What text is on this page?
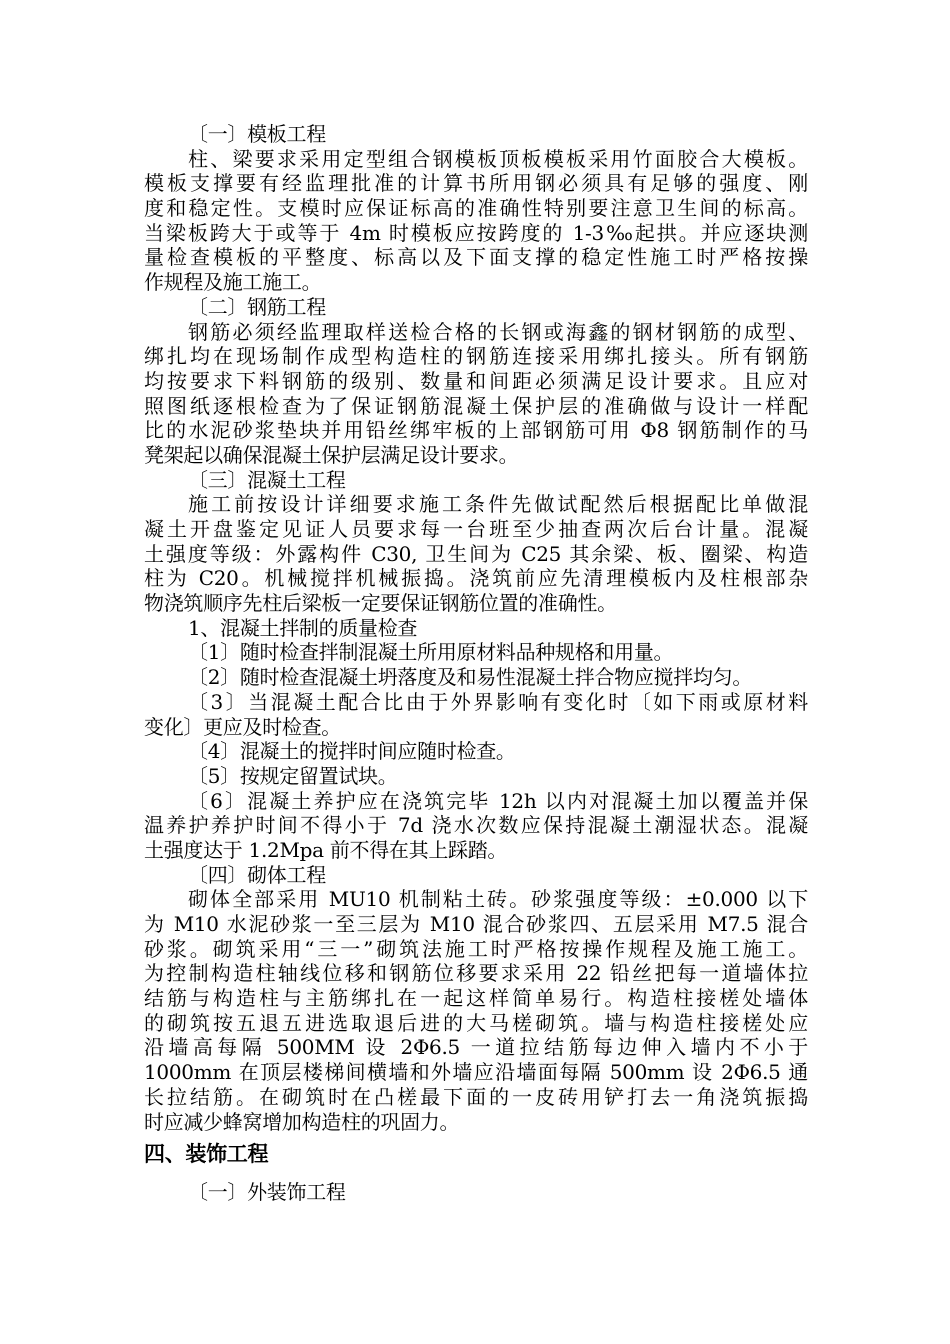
〔一〕模板工程
柱、梁要求采用定型组合钢模板顶板模板采用竹面胶合大模板。
模板支撑要有经监理批准的计算书所用钢必须具有足够的强度、刚
度和稳定性。支模时应保证标高的准确性特别要注意卫生间的标高。
当梁板跨大于或等于 4m 时模板应按跨度的 1-3‰起拱。并应逐块测
量检查模板的平整度、标高以及下面支撑的稳定性施工时严格按操
作规程及施工施工。
〔二〕钢筋工程
钢筋必须经监理取样送检合格的长钢或海鑫的钢材钢筋的成型、
绑扎均在现场制作成型构造柱的钢筋连接采用绑扎接头。所有钢筋
均按要求下料钢筋的级别、数量和间距必须满足设计要求。且应对
照图纸逐根检查为了保证钢筋混凝土保护层的准确做与设计一样配
比的水泥砂浆垫块并用铅丝绑牢板的上部钢筋可用 Φ8 钢筋制作的马
凳架起以确保混凝土保护层满足设计要求。
〔三〕混凝土工程
施工前按设计详细要求施工条件先做试配然后根据配比单做混
凝土开盘鉴定见证人员要求每一台班至少抽查两次后台计量。混凝
土强度等级：外露构件 C30, 卫生间为 C25 其余梁、板、圈梁、构造
柱为 C20。机械搅拌机械振捣。浇筑前应先清理模板内及柱根部杂
物浇筑顺序先柱后梁板一定要保证钢筋位置的准确性。
1、混凝土拌制的质量检查
〔1〕随时检查拌制混凝土所用原材料品种规格和用量。
〔2〕随时检查混凝土坍落度及和易性混凝土拌合物应搅拌均匀。
〔3〕当混凝土配合比由于外界影响有变化时〔如下雨或原材料
变化〕更应及时检查。
〔4〕混凝土的搅拌时间应随时检查。
〔5〕按规定留置试块。
〔6〕混凝土养护应在浇筑完毕 12h 以内对混凝土加以覆盖并保
温养护养护时间不得小于 7d 浇水次数应保持混凝土潮湿状态。混凝
土强度达于 1.2Mpa 前不得在其上踩踏。
〔四〕砌体工程
砌体全部采用 MU10 机制粘土砖。砂浆强度等级：±0.000 以下
为 M10 水泥砂浆一至三层为 M10 混合砂浆四、五层采用 M7.5 混合
砂浆。砌筑采用“三一”砌筑法施工时严格按操作规程及施工施工。
为控制构造柱轴线位移和钢筋位移要求采用 22 铅丝把每一道墙体拉
结筋与构造柱与主筋绑扎在一起这样简单易行。构造柱接槎处墙体
的砌筑按五退五进选取退后进的大马槎砌筑。墙与构造柱接槎处应
沿墙高每隔 500MM 设 2Φ6.5 一道拉结筋每边伸入墙内不小于
1000mm 在顶层楼梯间横墙和外墙应沿墙面每隔 500mm 设 2Φ6.5 通
长拉结筋。在砌筑时在凸槎最下面的一皮砖用铲打去一角浇筑振捣
时应减少蜂窝增加构造柱的巩固力。
四、装饰工程
〔一〕外装饰工程
